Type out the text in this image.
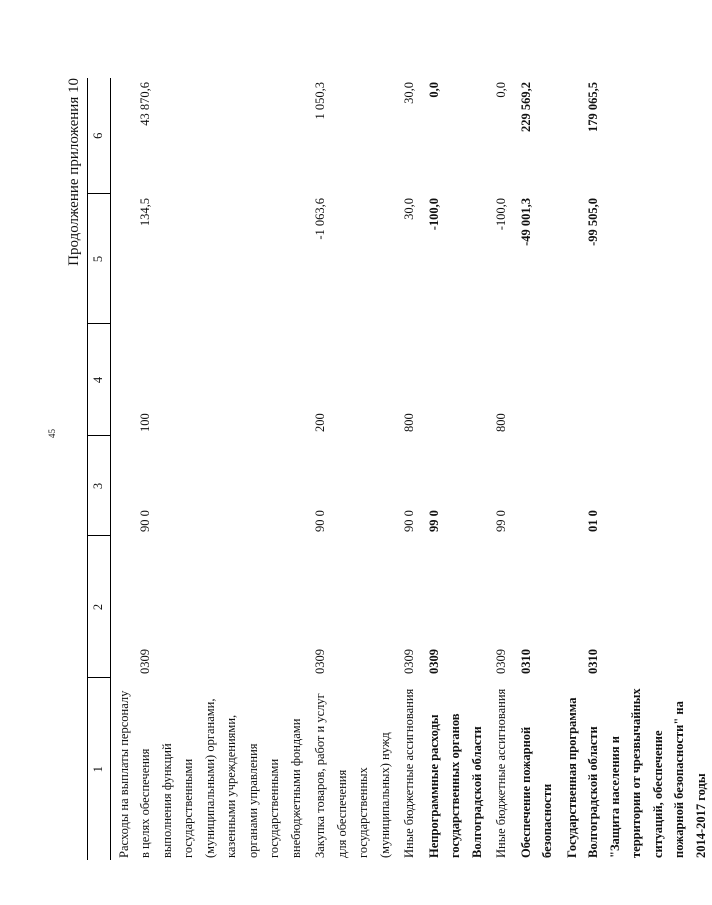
45
Продолжение приложения 10
1	2	3	4	5	6
Расходы на выплаты персоналу в целях обеспечения выполнения функций государственными (муниципальными) органами, казенными учреждениями, органами управления государственными внебюджетными фондами	0309	90 0	100	134,5	43 870,6
Закупка товаров, работ и услуг для обеспечения государственных (муниципальных) нужд	0309	90 0	200	-1 063,6	1 050,3
Иные бюджетные ассигнования	0309	90 0	800	30,0	30,0
Непрограммные расходы государственных органов Волгоградской области	0309	99 0		-100,0	0,0
Иные бюджетные ассигнования	0309	99 0	800	-100,0	0,0
Обеспечение пожарной безопасности	0310			-49 001,3	229 569,2
Государственная программа Волгоградской области "Защита населения и территории от чрезвычайных ситуаций, обеспечение пожарной безопасности" на 2014-2017 годы	0310	01 0		-99 505,0	179 065,5
